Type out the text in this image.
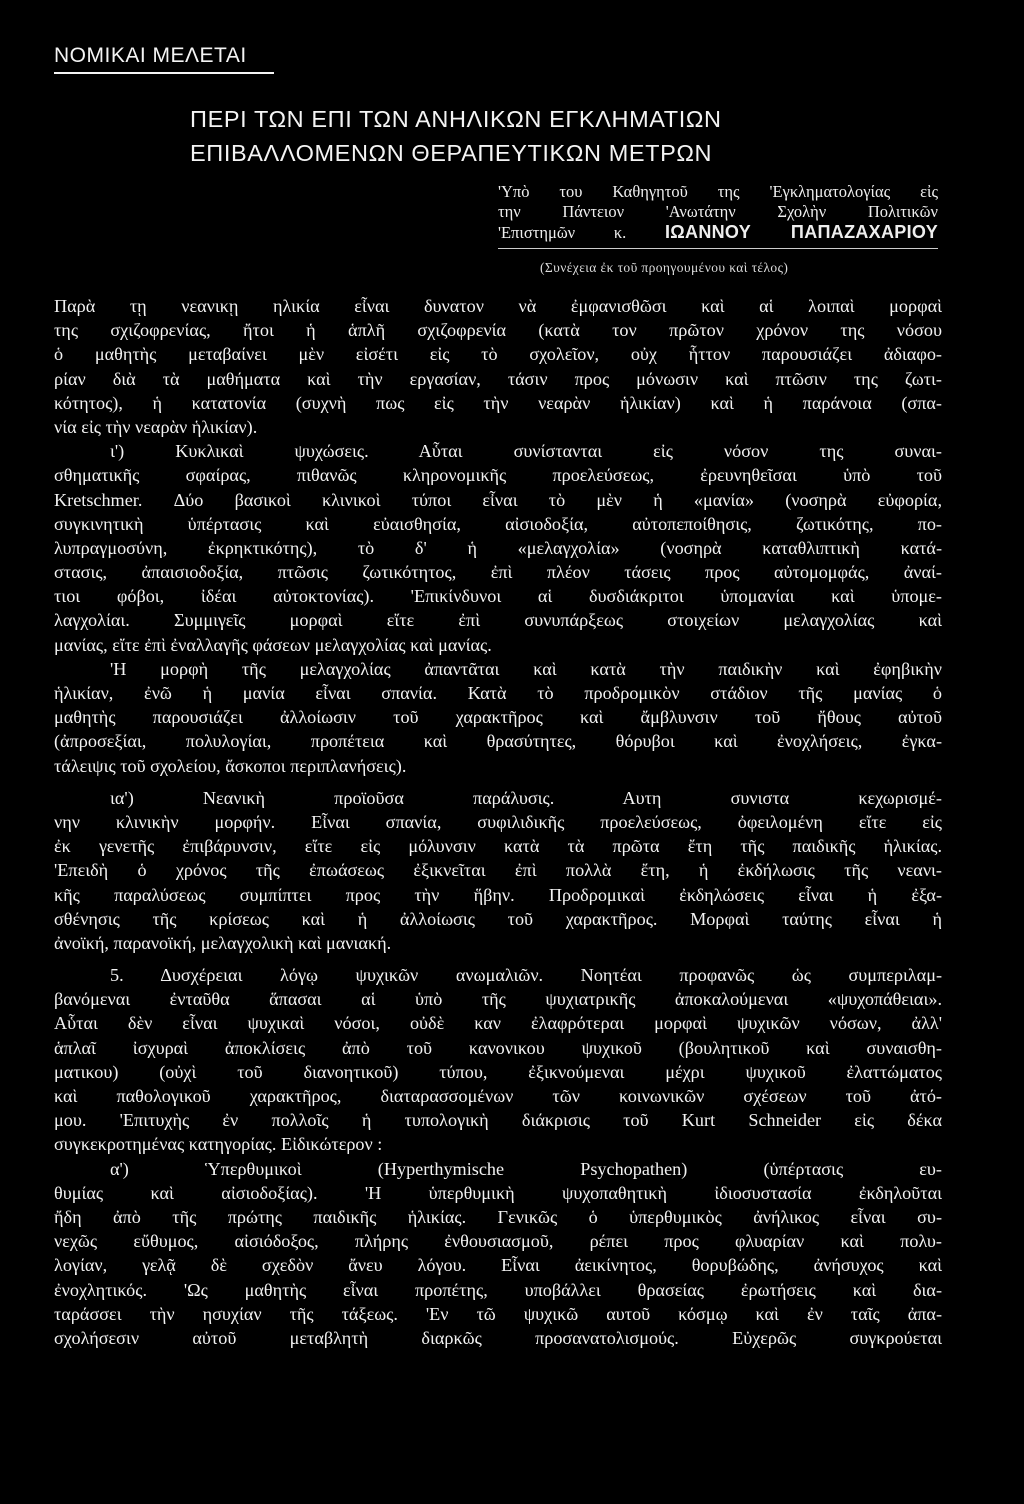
ΝΟΜΙΚΑΙ ΜΕΛΕΤΑΙ
ΠΕΡΙ ΤΩΝ ΕΠΙ ΤΩΝ ΑΝΗΛΙΚΩΝ ΕΓΚΛΗΜΑΤΙΩΝ
ΕΠΙΒΑΛΛΟΜΕΝΩΝ ΘΕΡΑΠΕΥΤΙΚΩΝ ΜΕΤΡΩΝ
'Υπὸ του Καθηγητοῦ της 'Εγκληματολογίας εἰς
την Πάντειον 'Ανωτάτην Σχολὴν Πολιτικῶν
'Επιστημῶν κ. ΙΩΑΝΝΟΥ ΠΑΠΑΖΑΧΑΡΙΟΥ
(Συνέχεια ἐκ τοῦ προηγουμένου καὶ τέλος)
Παρὰ τῃ νεανικῃ ηλικία εἶναι δυνατον νὰ ἐμφανισθῶσι καὶ αἱ λοιπαὶ μορφαὶ
της σχιζοφρενίας, ἤτοι ἡ ἁπλῆ σχιζοφρενία (κατὰ τον πρῶτον χρόνον της νόσου
ὁ μαθητὴς μεταβαίνει μὲν εἰσέτι εἰς τὸ σχολεῖον, οὐχ ἧττον παρουσιάζει ἀδιαφο-
ρίαν διὰ τὰ μαθήματα καὶ τὴν εργασίαν, τάσιν προς μόνωσιν καὶ πτῶσιν της ζωτι-
κότητος), ἡ κατατονία (συχνὴ πως εἰς τὴν νεαρὰν ἡλικίαν) καὶ ἡ παράνοια (σπα-
νία εἰς τὴν νεαρὰν ἡλικίαν).
ι') Κυκλικαὶ ψυχώσεις. Αὗται συνίστανται εἰς νόσον της συναι-
σθηματικῆς σφαίρας, πιθανῶς κληρονομικῆς προελεύσεως, ἐρευνηθεῖσαι ὑπὸ τοῦ
Kretschmer. Δύο βασικοὶ κλινικοὶ τύποι εἶναι τὸ μὲν ἡ «μανία» (νοσηρὰ εὐφορία,
συγκινητικὴ ὑπέρτασις καὶ εὐαισθησία, αἰσιοδοξία, αὐτοπεποίθησις, ζωτικότης, πο-
λυπραγμοσύνη, ἐκρηκτικότης), τὸ δ' ἡ «μελαγχολία» (νοσηρὰ καταθλιπτικὴ κατά-
στασις, ἀπαισιοδοξία, πτῶσις ζωτικότητος, ἐπὶ πλέον τάσεις προς αὐτομομφάς, ἀναί-
τιοι φόβοι, ἰδέαι αὐτοκτονίας). 'Επικίνδυνοι αἱ δυσδιάκριτοι ὑπομανίαι καὶ ὑπομε-
λαγχολίαι. Συμμιγεῖς μορφαὶ εἴτε ἐπὶ συνυπάρξεως στοιχείων μελαγχολίας καὶ
μανίας, εἴτε ἐπὶ ἐναλλαγῆς φάσεων μελαγχολίας καὶ μανίας.
'Η μορφὴ τῆς μελαγχολίας ἀπαντᾶται καὶ κατὰ τὴν παιδικὴν καὶ ἐφηβικὴν
ἡλικίαν, ἐνῶ ἡ μανία εἶναι σπανία. Κατὰ τὸ προδρομικὸν στάδιον τῆς μανίας ὁ
μαθητὴς παρουσιάζει ἀλλοίωσιν τοῦ χαρακτῆρος καὶ ἄμβλυνσιν τοῦ ἤθους αὐτοῦ
(ἀπροσεξίαι, πολυλογίαι, προπέτεια καὶ θρασύτητες, θόρυβοι καὶ ἐνοχλήσεις, ἐγκα-
τάλειψις τοῦ σχολείου, ἄσκοποι περιπλανήσεις).
ια') Νεανικὴ προϊοῦσα παράλυσις. Αυτη συνιστα κεχωρισμέ-
νην κλινικὴν μορφήν. Εἶναι σπανία, συφιλιδικῆς προελεύσεως, ὀφειλομένη εἴτε εἰς
ἐκ γενετῆς ἐπιβάρυνσιν, εἴτε εἰς μόλυνσιν κατὰ τὰ πρῶτα ἔτη τῆς παιδικῆς ἡλικίας.
'Επειδὴ ὁ χρόνος τῆς ἐπωάσεως ἐξικνεῖται ἐπὶ πολλὰ ἔτη, ἡ ἐκδήλωσις τῆς νεανι-
κῆς παραλύσεως συμπίπτει προς τὴν ἥβην. Προδρομικαὶ ἐκδηλώσεις εἶναι ἡ ἐξα-
σθένησις τῆς κρίσεως καὶ ἡ ἀλλοίωσις τοῦ χαρακτῆρος. Μορφαὶ ταύτης εἶναι ἡ
ἀνοϊκή, παρανοϊκή, μελαγχολικὴ καὶ μανιακή.
5. Δυσχέρειαι λόγῳ ψυχικῶν ανωμαλιῶν. Νοητέαι προφανῶς ὡς συμπεριλαμ-
βανόμεναι ἐνταῦθα ἅπασαι αἱ ὑπὸ τῆς ψυχιατρικῆς ἀποκαλούμεναι «ψυχοπάθειαι».
Αὗται δὲν εἶναι ψυχικαὶ νόσοι, οὐδὲ καν ἐλαφρότεραι μορφαὶ ψυχικῶν νόσων, ἀλλ'
ἁπλαῖ ἰσχυραὶ ἀποκλίσεις ἀπὸ τοῦ κανονικου ψυχικοῦ (βουλητικοῦ καὶ συναισθη-
ματικου) (οὐχὶ τοῦ διανοητικοῦ) τύπου, ἐξικνούμεναι μέχρι ψυχικοῦ ἐλαττώματος
καὶ παθολογικοῦ χαρακτῆρος, διαταρασσομένων τῶν κοινωνικῶν σχέσεων τοῦ ἀτό-
μου. 'Επιτυχὴς ἐν πολλοῖς ἡ τυπολογικὴ διάκρισις τοῦ Kurt Schneider εἰς δέκα
συγκεκροτημένας κατηγορίας. Εἰδικώτερον :
α') Ὑπερθυμικοὶ (Hyperthymische Psychopathen) (ὑπέρτασις ευ-
θυμίας καὶ αἰσιοδοξίας). 'Η ὑπερθυμικὴ ψυχοπαθητικὴ ἰδιοσυστασία ἐκδηλοῦται
ἤδη ἀπὸ τῆς πρώτης παιδικῆς ἡλικίας. Γενικῶς ὁ ὑπερθυμικὸς ἀνήλικος εἶναι συ-
νεχῶς εὔθυμος, αἰσιόδοξος, πλήρης ἐνθουσιασμοῦ, ρέπει προς φλυαρίαν καὶ πολυ-
λογίαν, γελᾷ δὲ σχεδὸν ἄνευ λόγου. Εἶναι ἀεικίνητος, θορυβώδης, ἀνήσυχος καὶ
ἐνοχλητικός. 'Ως μαθητὴς εἶναι προπέτης, υποβάλλει θρασείας ἐρωτήσεις καὶ δια-
ταράσσει τὴν ησυχίαν τῆς τάξεως. 'Εν τῶ ψυχικῶ αυτοῦ κόσμῳ καὶ ἐν ταῖς ἀπα-
σχολήσεσιν αὐτοῦ μεταβλητὴ διαρκῶς προσανατολισμούς. Εὐχερῶς συγκρούεται
